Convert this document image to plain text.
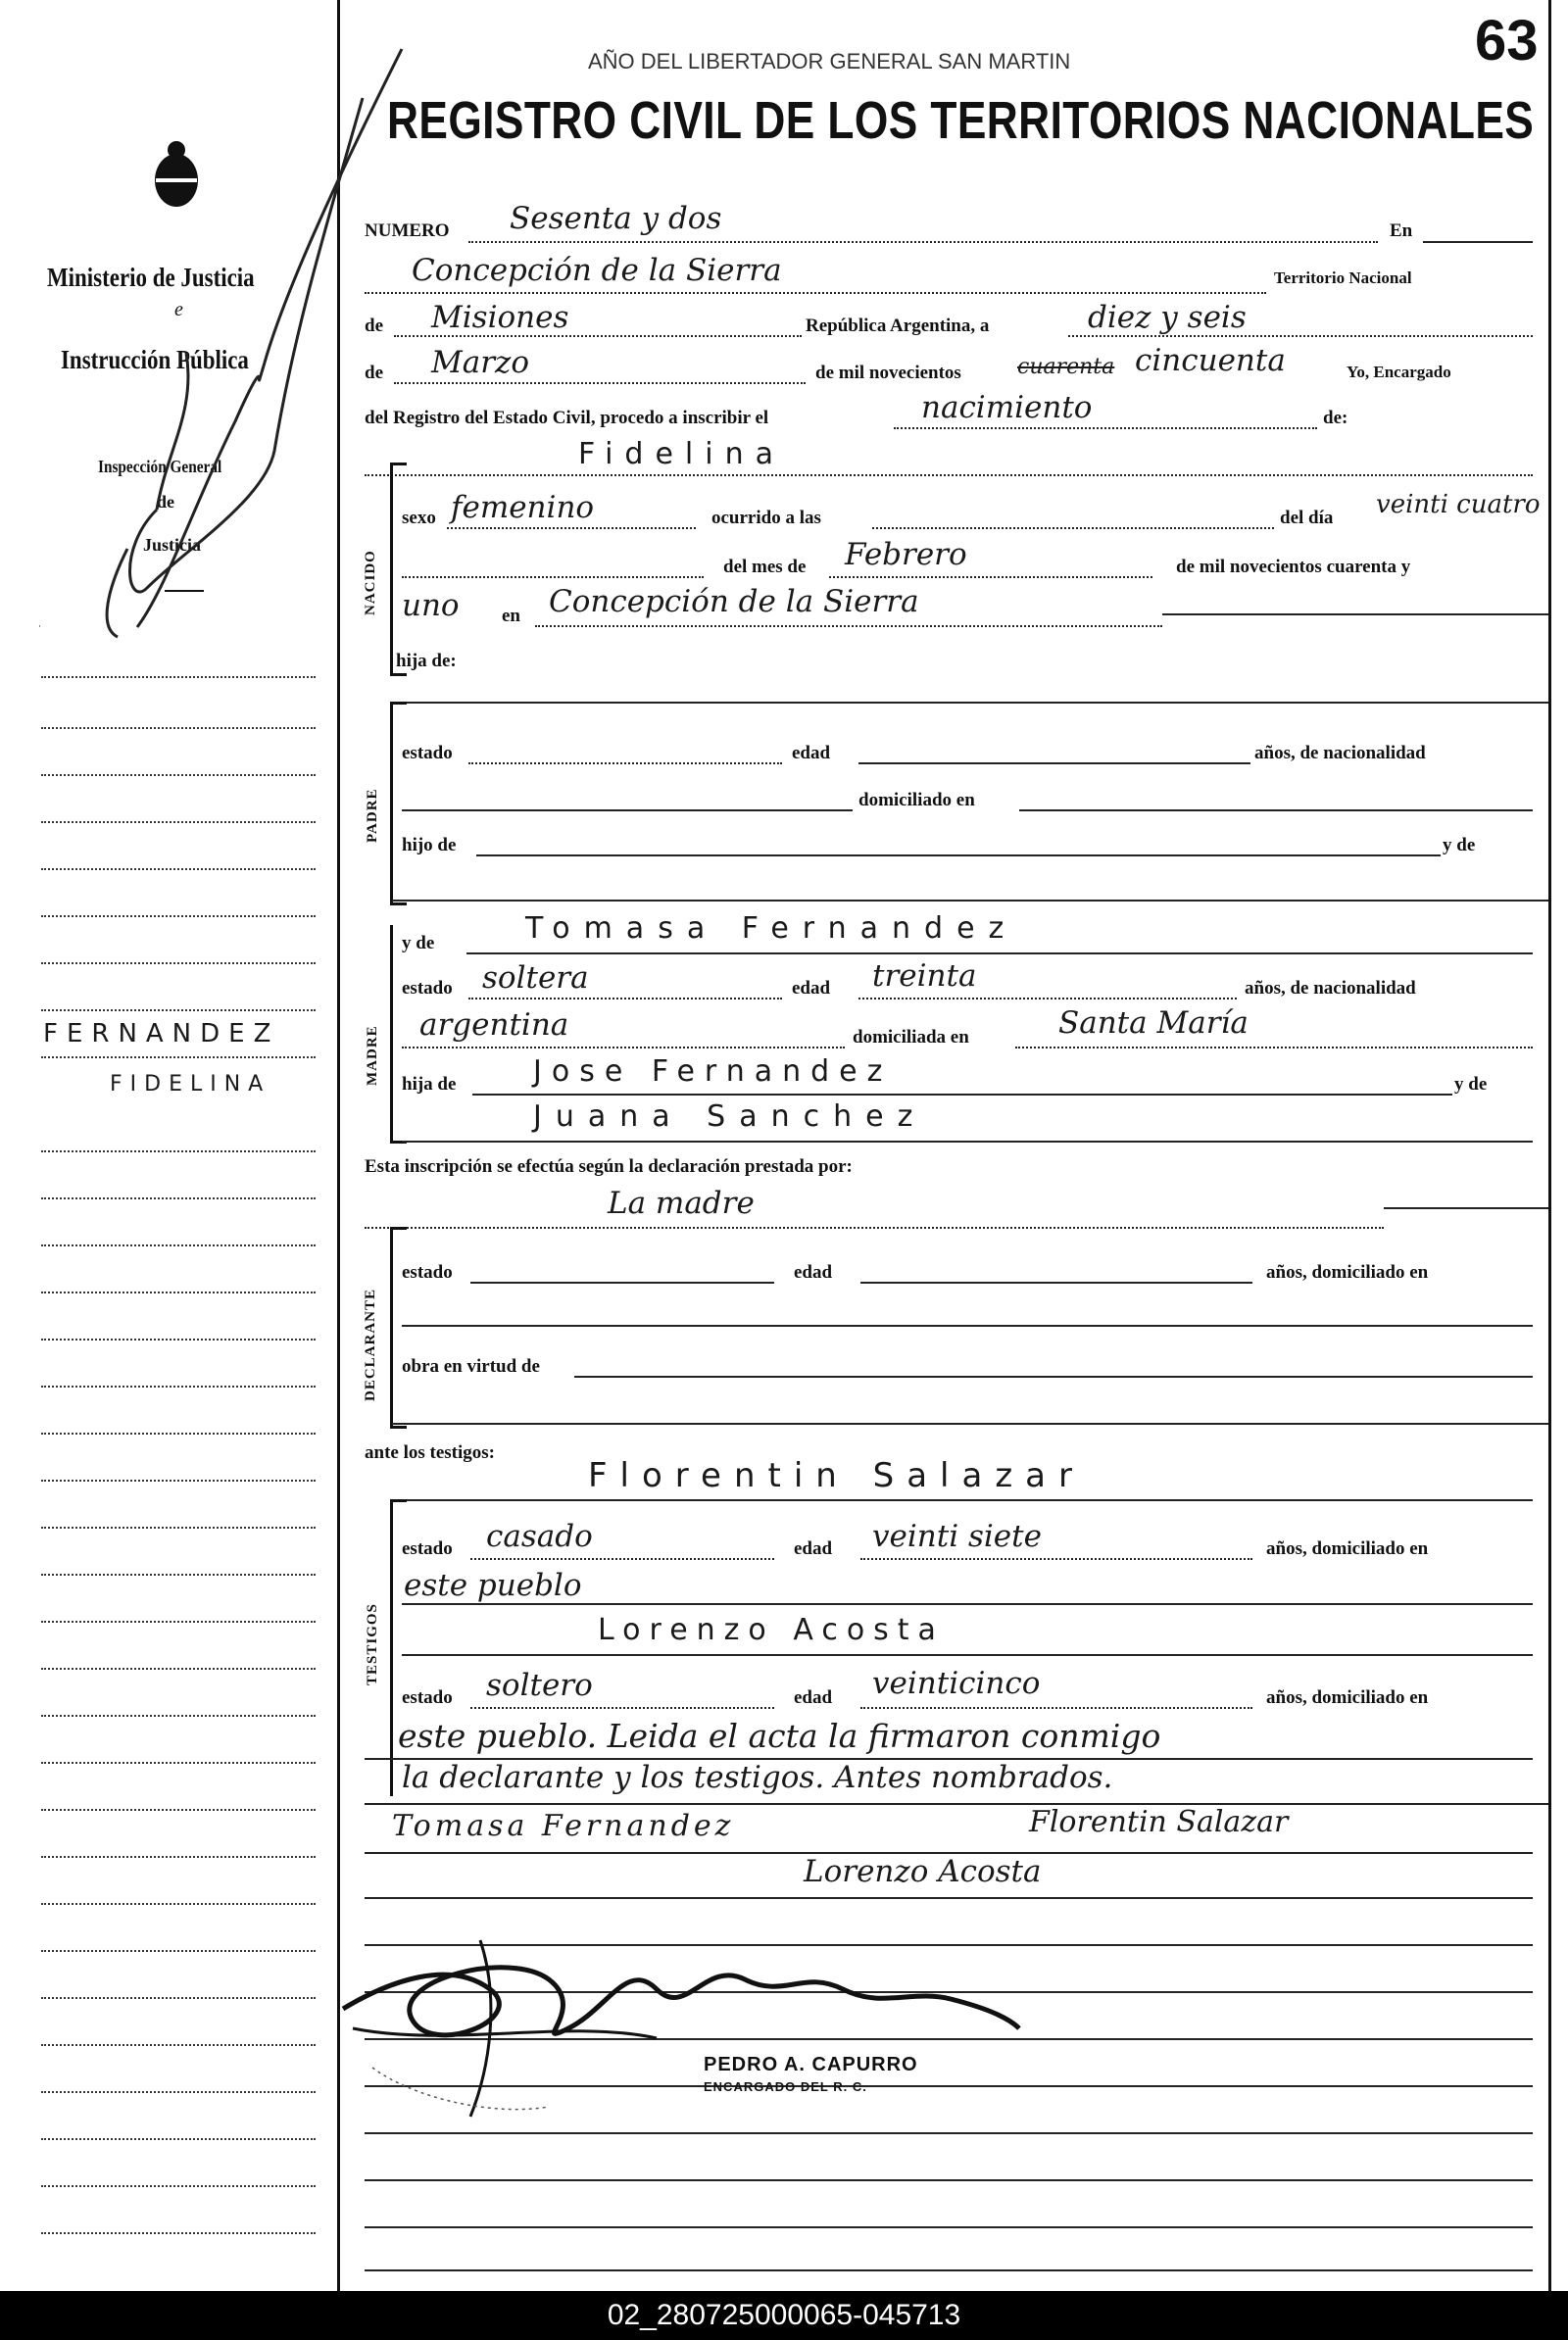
AÑO DEL LIBERTADOR GENERAL SAN MARTIN	63
REGISTRO CIVIL DE LOS TERRITORIOS NACIONALES
Ministerio de Justicia
e
Instrucción Pública
Inspección General
de
Justicia
FERNANDEZ
FIDELINA
NUMERO Sesenta y dos	En
Concepción de la Sierra	Territorio Nacional
de Misiones	República Argentina, a	diez y seis
de Marzo	de mil novecientos	cuarenta cincuenta	Yo, Encargado
del Registro del Estado Civil, procedo a inscribir el	nacimiento	de:
Fidelina
NACIDO
sexo femenino	ocurrido a las	del día veinti cuatro
del mes de Febrero	de mil novecientos cuarenta y
uno en Concepción de la Sierra
hija de:
PADRE
estado	edad	años, de nacionalidad
domiciliado en
hijo de	y de
MADRE
y de	Tomasa Fernandez
estado soltera	edad treinta	años, de nacionalidad
argentina	domiciliada en	Santa María
hija de	Jose Fernandez	y de
Juana Sanchez
Esta inscripción se efectúa según la declaración prestada por:
La madre
DECLARANTE
estado	edad	años, domiciliado en
obra en virtud de
ante los testigos:
Florentin Salazar
TESTIGOS
estado casado	edad veinti siete	años, domiciliado en
este pueblo
Lorenzo Acosta
estado soltero	edad veinticinco	años, domiciliado en
este pueblo. Leida el acta la firmaron conmigo
la declarante y los testigos. Antes nombrados.
Tomasa Fernandez	Florentin Salazar
Lorenzo Acosta
PEDRO A. CAPURRO
ENCARGADO DEL R. C.
02_280725000065-045713
